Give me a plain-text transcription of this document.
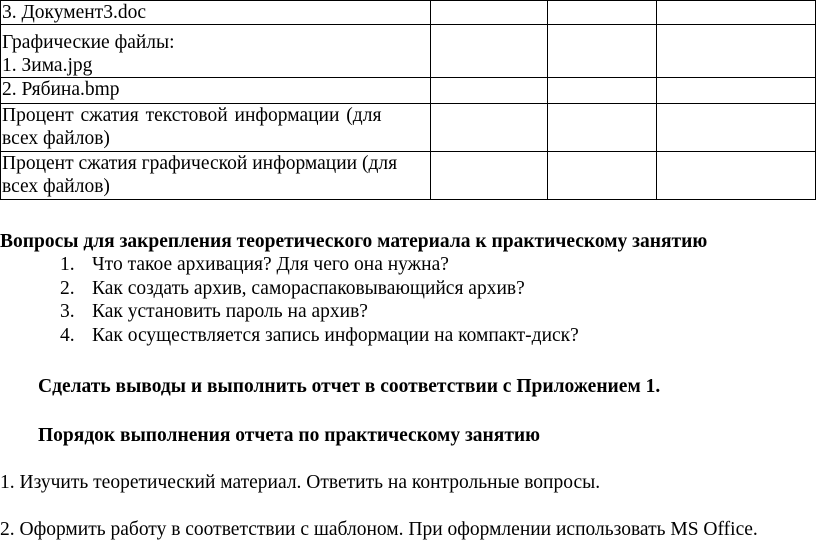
3. Документ3.doc			

Графические файлы:
1. Зима.jpg			

2. Рябина.bmp			

Процент сжатия текстовой информации (для
всех файлов)			

Процент сжатия графической информации (для
всех файлов)			

Вопросы для закрепления теоретического материала к практическому занятию
1. Что такое архивация? Для чего она нужна?
2. Как создать архив, самораспаковывающийся архив?
3. Как установить пароль на архив?
4. Как осуществляется запись информации на компакт-диск?
Сделать выводы и выполнить отчет в соответствии с Приложением 1.
Порядок выполнения отчета по практическому занятию
1. Изучить теоретический материал. Ответить на контрольные вопросы.
2. Оформить работу в соответствии с шаблоном. При оформлении использовать MS Office.
